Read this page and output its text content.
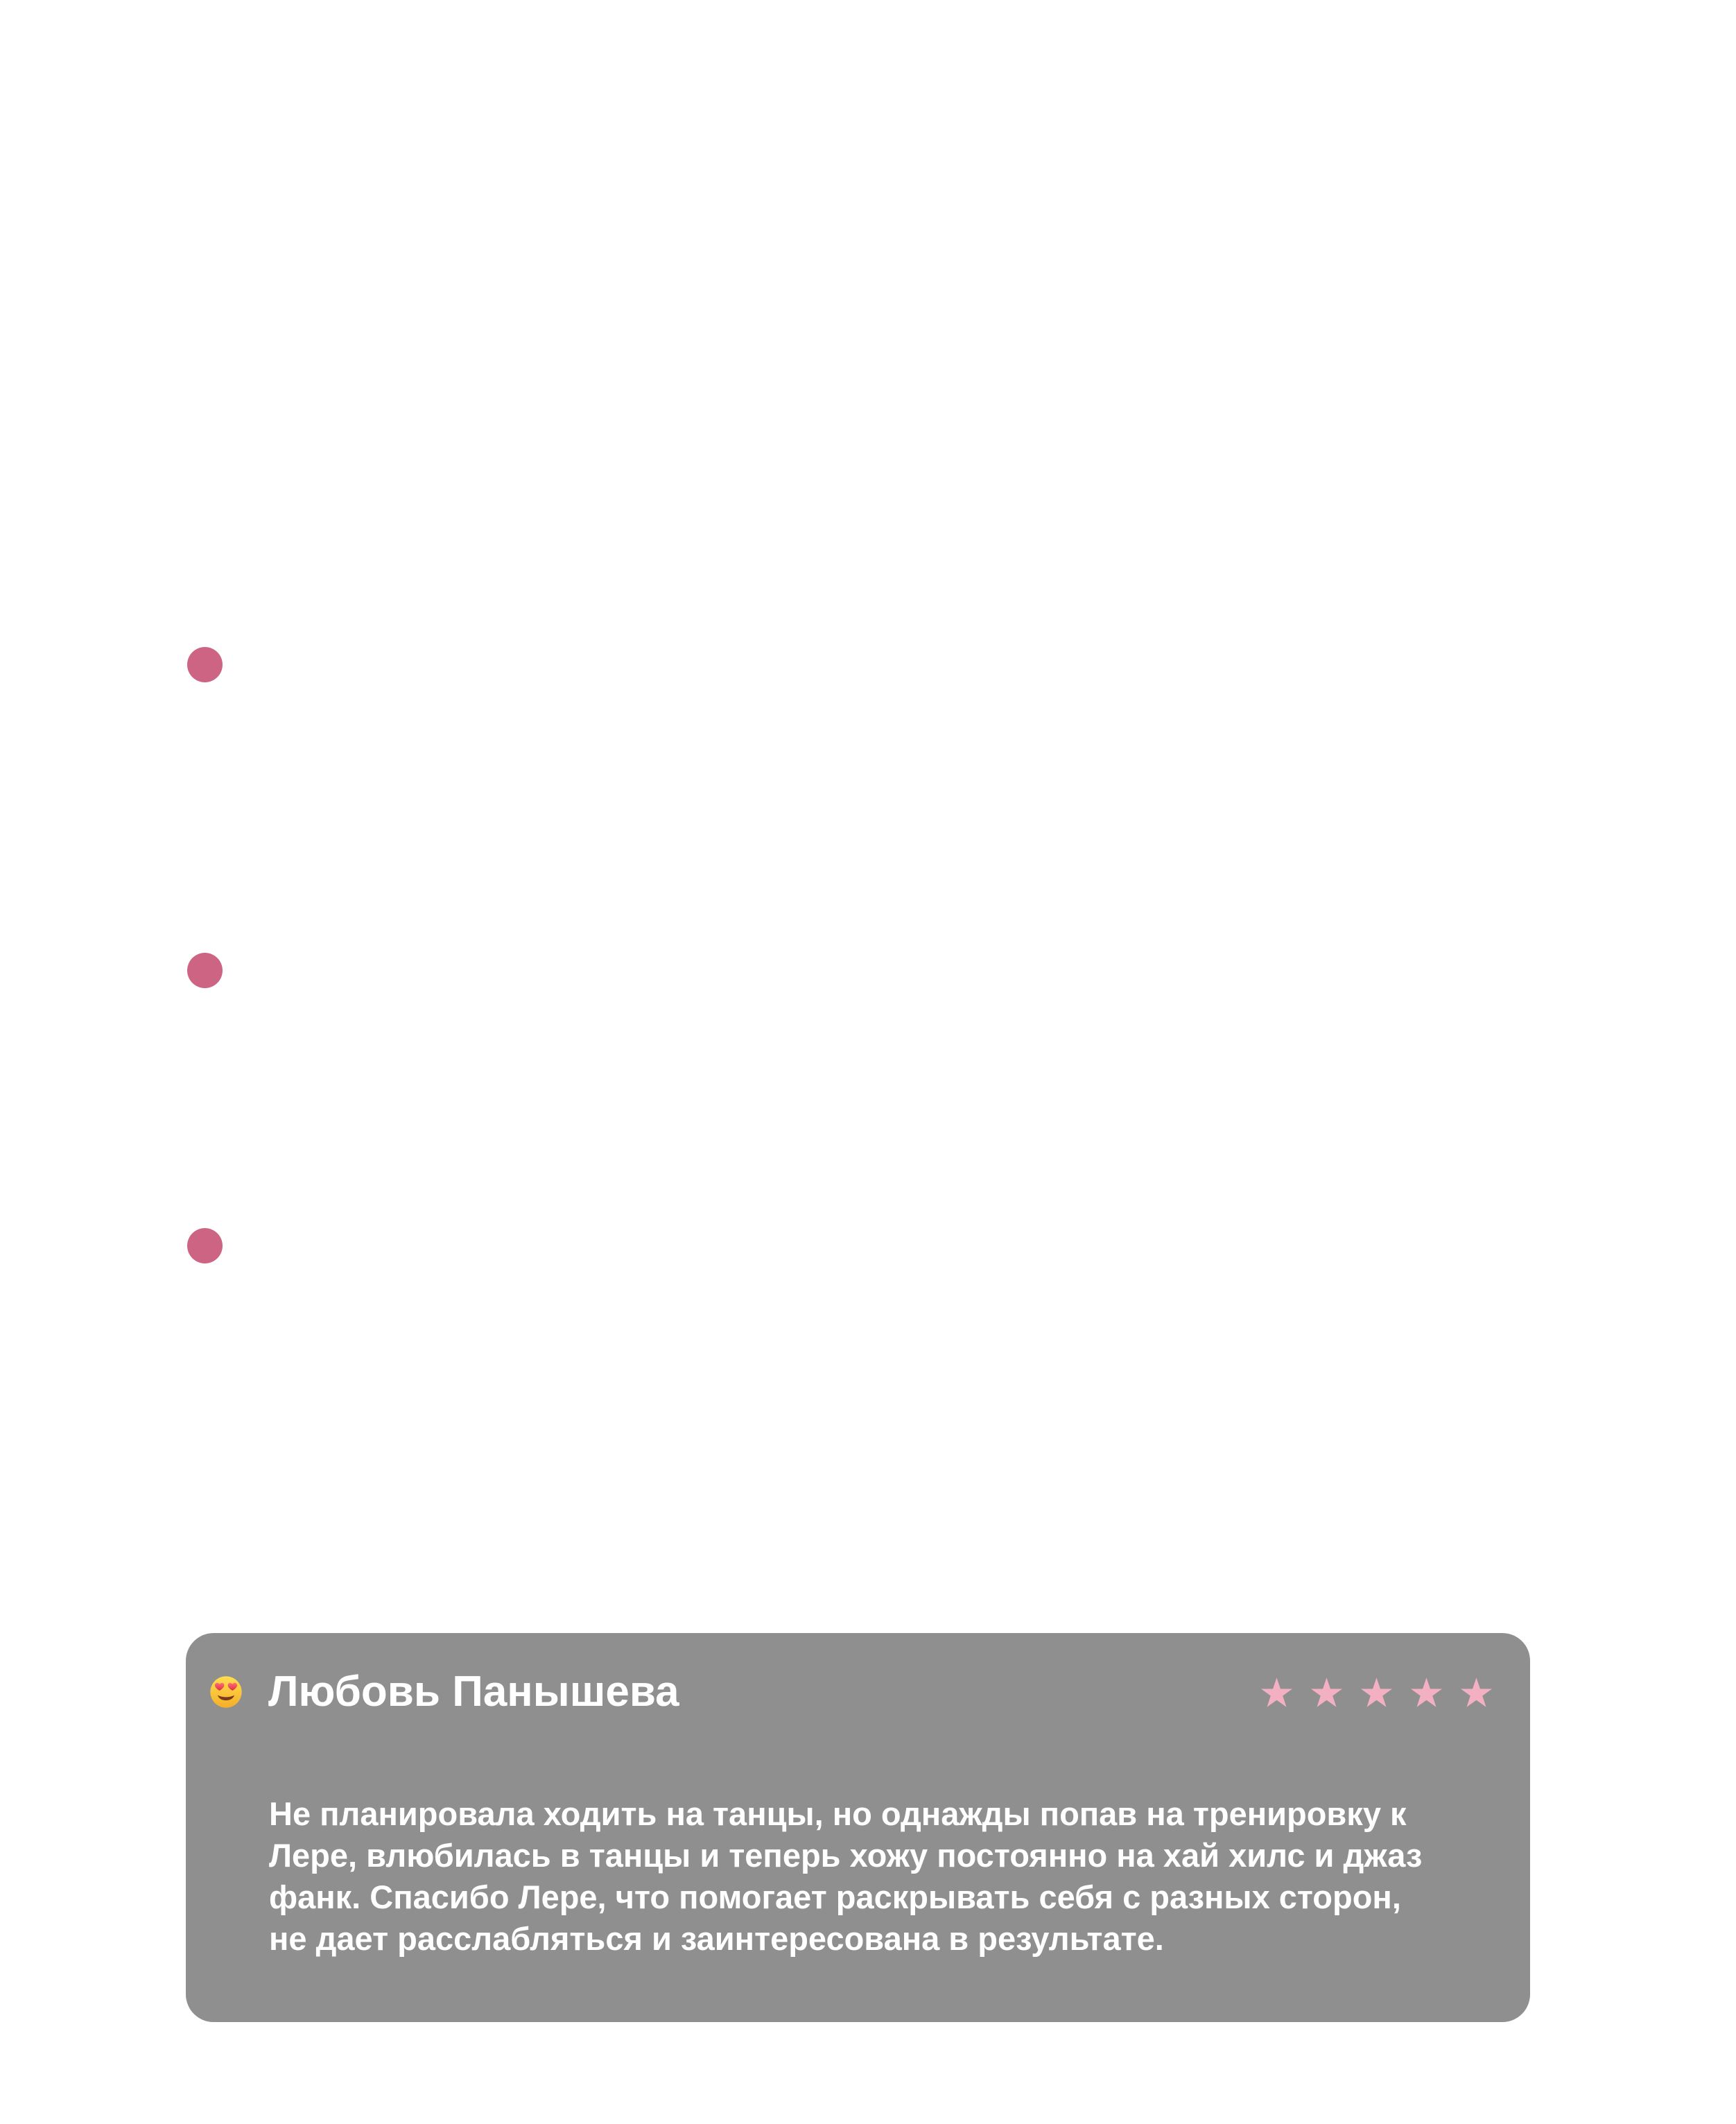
Любовь Панышева
Не планировала ходить на танцы, но однажды попав на тренировку к
Лере, влюбилась в танцы и теперь хожу постоянно на хай хилс и джаз
фанк. Спасибо Лере, что помогает раскрывать себя с разных сторон,
не дает расслабляться и заинтересована в результате.
